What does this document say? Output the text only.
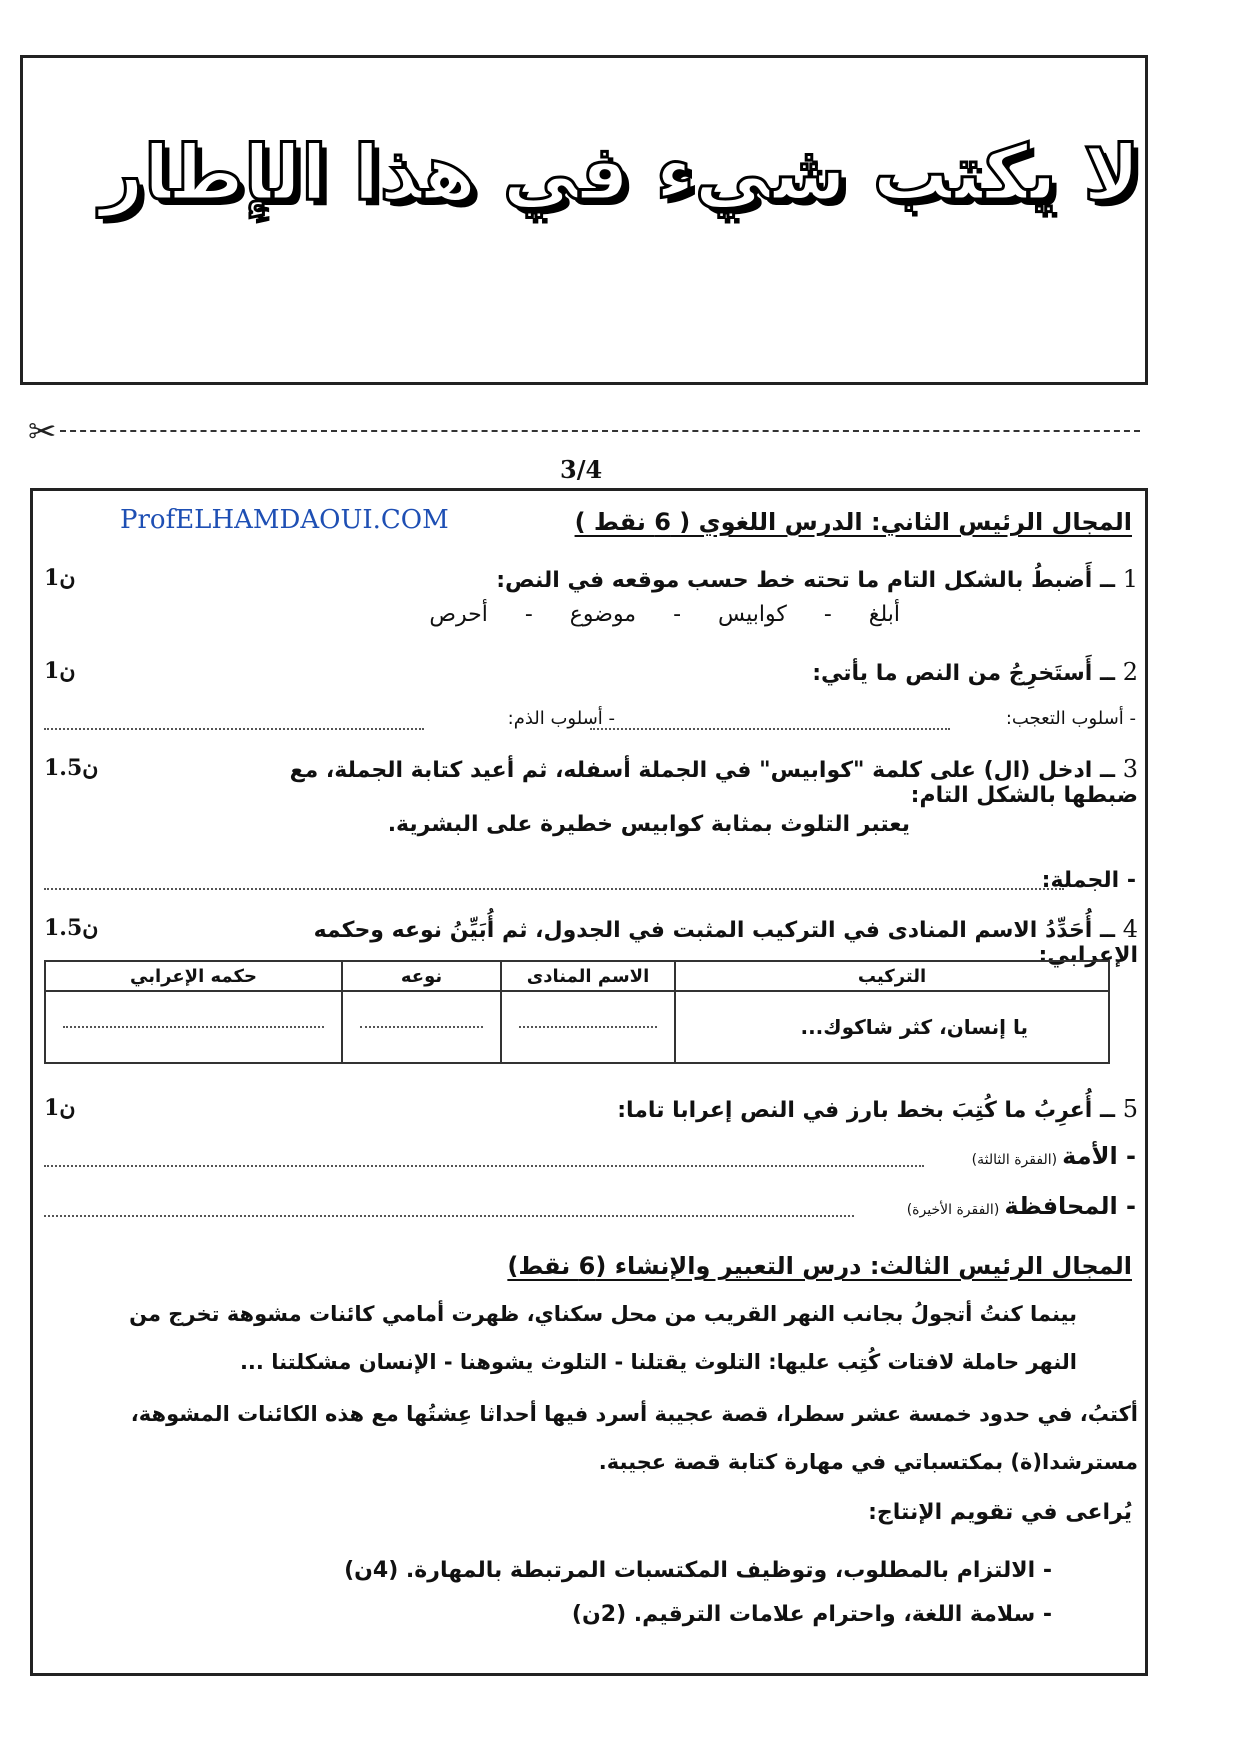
لا يكتب شيء في هذا الإطار
✂
3/4
ProfELHAMDAOUI.COM	المجال الرئيس الثاني: الدرس اللغوي ( 6 نقط )
1 ــ أَضبطُ بالشكل التام ما تحته خط حسب موقعه في النص:
1ن
أبلغ - كوابيس - موضوع - أحرص
2 ــ أَستَخرِجُ من النص ما يأتي:
1ن
- أسلوب التعجب:
- أسلوب الذم:
3 ــ ادخل (ال) على كلمة "كوابيس" في الجملة أسفله، ثم أعيد كتابة الجملة، مع ضبطها بالشكل التام:
1.5ن
يعتبر التلوث بمثابة كوابيس خطيرة على البشرية.
- الجملة:
4 ــ أُحَدِّدُ الاسم المنادى في التركيب المثبت في الجدول، ثم أُبَيِّنُ نوعه وحكمه الإعرابي:
1.5ن
التركيب	الاسم المنادى	نوعه	حكمه الإعرابي
يا إنسان، كثر شاكوك...	

5 ــ أُعرِبُ ما كُتِبَ بخط بارز في النص إعرابا تاما:
1ن
- الأمة (الفقرة الثالثة)
- المحافظة (الفقرة الأخيرة)
المجال الرئيس الثالث: درس التعبير والإنشاء (6 نقط)
بينما كنتُ أتجولُ بجانب النهر القريب من محل سكناي، ظهرت أمامي كائنات مشوهة تخرج من
النهر حاملة لافتات كُتِب عليها: التلوث يقتلنا - التلوث يشوهنا - الإنسان مشكلتنا ...
أكتبُ، في حدود خمسة عشر سطرا، قصة عجيبة أسرد فيها أحداثا عِشتُها مع هذه الكائنات المشوهة،
مسترشدا(ة) بمكتسباتي في مهارة كتابة قصة عجيبة.
يُراعى في تقويم الإنتاج:
- الالتزام بالمطلوب، وتوظيف المكتسبات المرتبطة بالمهارة. (4ن)
- سلامة اللغة، واحترام علامات الترقيم. (2ن)
